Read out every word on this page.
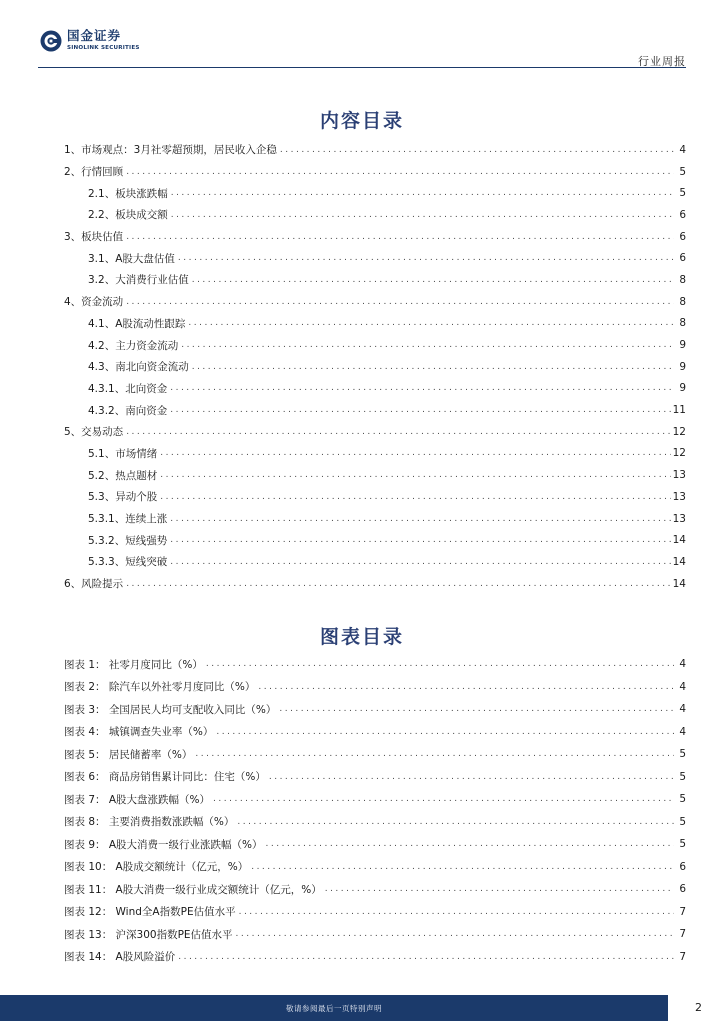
国金证券
SINOLINK SECURITIES
行业周报
内容目录
1、市场观点：3月社零超预期，居民收入企稳 .....	4
2、行情回顾 .....	5
2.1、板块涨跌幅 .....	5
2.2、板块成交额 .....	6
3、板块估值 .....	6
3.1、A股大盘估值 .....	6
3.2、大消费行业估值 .....	8
4、资金流动 .....	8
4.1、A股流动性跟踪 .....	8
4.2、主力资金流动 .....	9
4.3、南北向资金流动 .....	9
4.3.1、北向资金 .....	9
4.3.2、南向资金 .....	11
5、交易动态 .....	12
5.1、市场情绪 .....	12
5.2、热点题材 .....	13
5.3、异动个股 .....	13
5.3.1、连续上涨 .....	13
5.3.2、短线强势 .....	14
5.3.3、短线突破 .....	14
6、风险提示 .....	14
图表目录
图表 1： 社零月度同比（%） .....	4
图表 2： 除汽车以外社零月度同比（%） .....	4
图表 3： 全国居民人均可支配收入同比（%） .....	4
图表 4： 城镇调查失业率（%） .....	4
图表 5： 居民储蓄率（%） .....	5
图表 6： 商品房销售累计同比：住宅（%） .....	5
图表 7： A股大盘涨跌幅（%） .....	5
图表 8： 主要消费指数涨跌幅（%） .....	5
图表 9： A股大消费一级行业涨跌幅（%） .....	5
图表 10： A股成交额统计（亿元，%） .....	6
图表 11： A股大消费一级行业成交额统计（亿元，%） .....	6
图表 12： Wind全A指数PE估值水平 .....	7
图表 13： 沪深300指数PE估值水平 .....	7
图表 14： A股风险溢价 .....	7
敬请参阅最后一页特别声明	2
